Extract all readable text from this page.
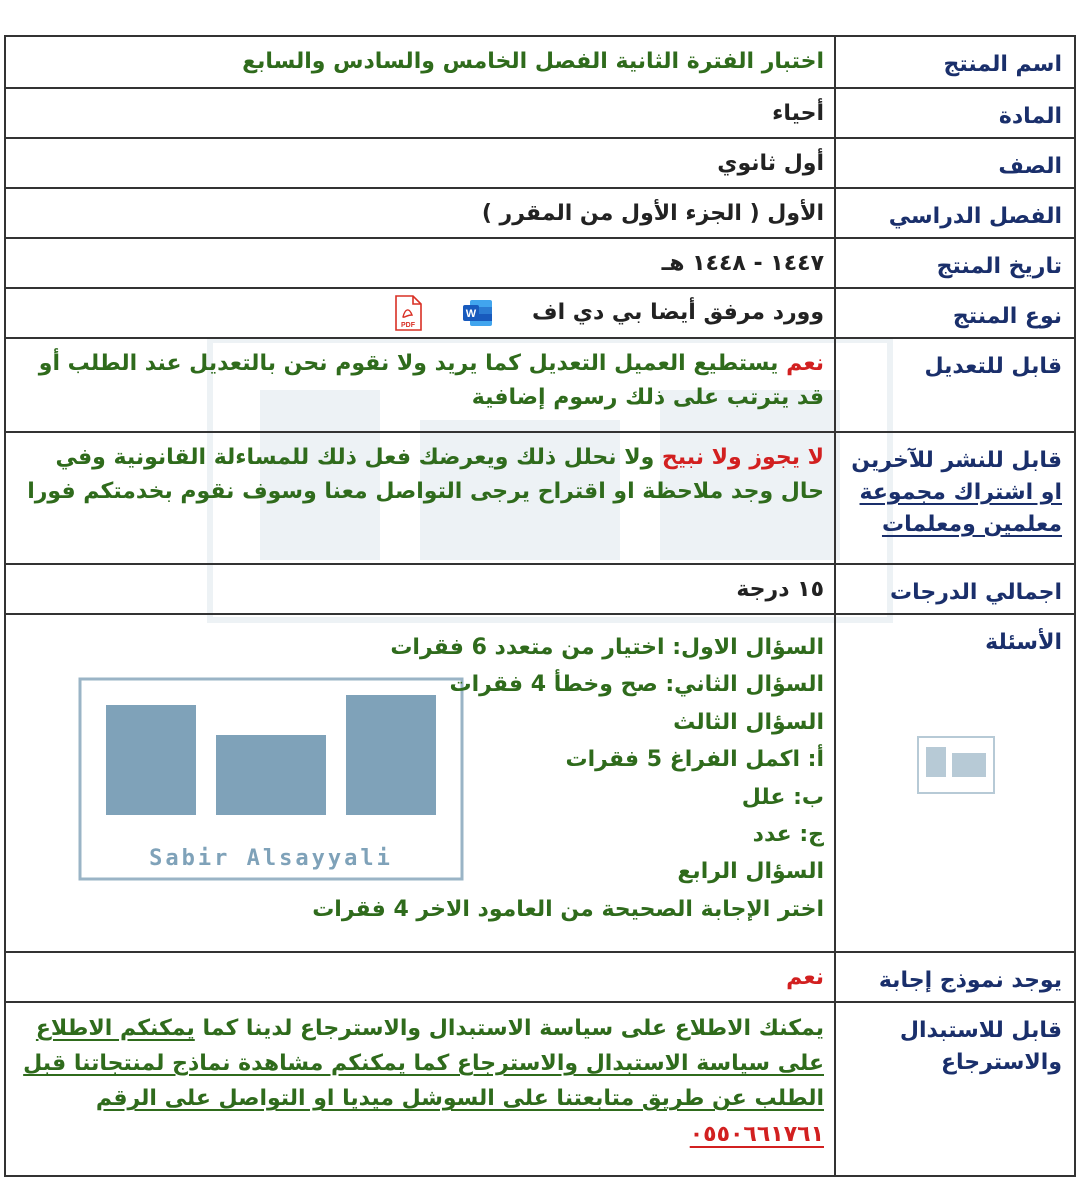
اسم المنتج
اختبار الفترة الثانية الفصل الخامس والسادس والسابع
المادة
أحياء
الصف
أول ثانوي
الفصل الدراسي
الأول ( الجزء الأول من المقرر )
تاريخ المنتج
١٤٤٧ - ١٤٤٨ هـ
نوع المنتج
وورد مرفق أيضا بي دي اف
W
PDF
قابل للتعديل
نعم يستطيع العميل التعديل كما يريد ولا نقوم نحن بالتعديل عند الطلب أو قد يترتب على ذلك رسوم إضافية
قابل للنشر للآخرين
او اشتراك مجموعة
معلمين ومعلمات
لا يجوز ولا نبيح ولا نحلل ذلك ويعرضك فعل ذلك للمساءلة القانونية وفي حال وجد ملاحظة او اقتراح يرجى التواصل معنا وسوف نقوم بخدمتكم فورا
اجمالي الدرجات
١٥ درجة
الأسئلة
Sabir Alsayyali
السؤال الاول: اختيار من متعدد 6 فقرات
السؤال الثاني: صح وخطأ 4 فقرات
السؤال الثالث
أ: اكمل الفراغ 5 فقرات
ب: علل
ج: عدد
السؤال الرابع
اختر الإجابة الصحيحة من العامود الاخر 4 فقرات
يوجد نموذج إجابة
نعم
قابل للاستبدال
والاسترجاع
يمكنك الاطلاع على سياسة الاستبدال والاسترجاع لدينا كما يمكنكم الاطلاع على سياسة الاستبدال والاسترجاع كما يمكنكم مشاهدة نماذج لمنتجاتنا قبل الطلب عن طريق متابعتنا على السوشل ميديا او التواصل على الرقم ٠٥٥٠٦٦١٧٦١
